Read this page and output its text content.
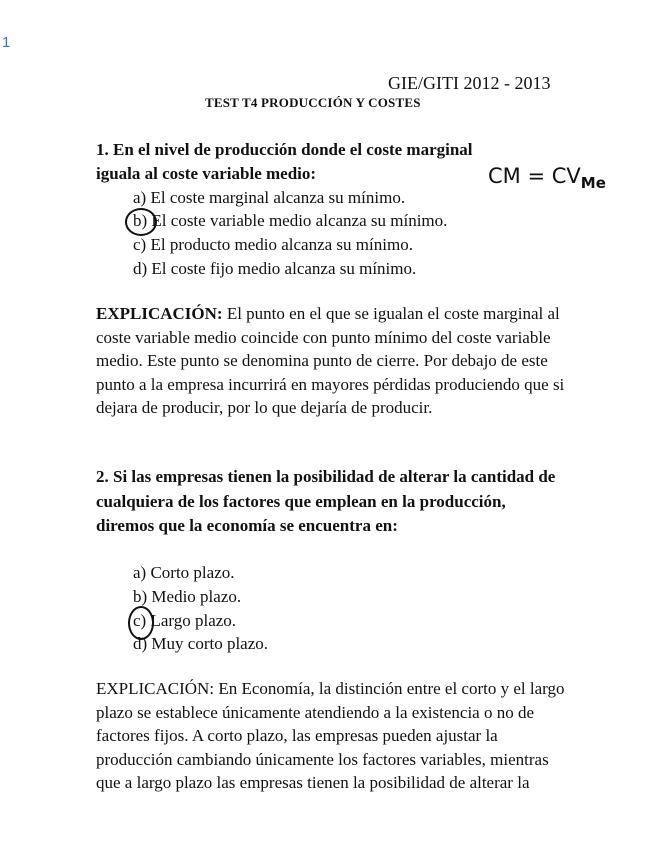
1
GIE/GITI 2012 - 2013
TEST T4 PRODUCCIÓN Y COSTES
1. En el nivel de producción donde el coste marginal
iguala al coste variable medio:	CM = $CV_{Me}$
a) El coste marginal alcanza su mínimo.
b) El coste variable medio alcanza su mínimo.
c) El producto medio alcanza su mínimo.
d) El coste fijo medio alcanza su mínimo.
EXPLICACIÓN: El punto en el que se igualan el coste marginal al coste variable medio coincide con punto mínimo del coste variable medio. Este punto se denomina punto de cierre. Por debajo de este punto a la empresa incurrirá en mayores pérdidas produciendo que si dejara de producir, por lo que dejaría de producir.
2. Si las empresas tienen la posibilidad de alterar la cantidad de cualquiera de los factores que emplean en la producción, diremos que la economía se encuentra en:
a) Corto plazo.
b) Medio plazo.
c) Largo plazo.
d) Muy corto plazo.
EXPLICACIÓN: En Economía, la distinción entre el corto y el largo plazo se establece únicamente atendiendo a la existencia o no de factores fijos. A corto plazo, las empresas pueden ajustar la producción cambiando únicamente los factores variables, mientras que a largo plazo las empresas tienen la posibilidad de alterar la
